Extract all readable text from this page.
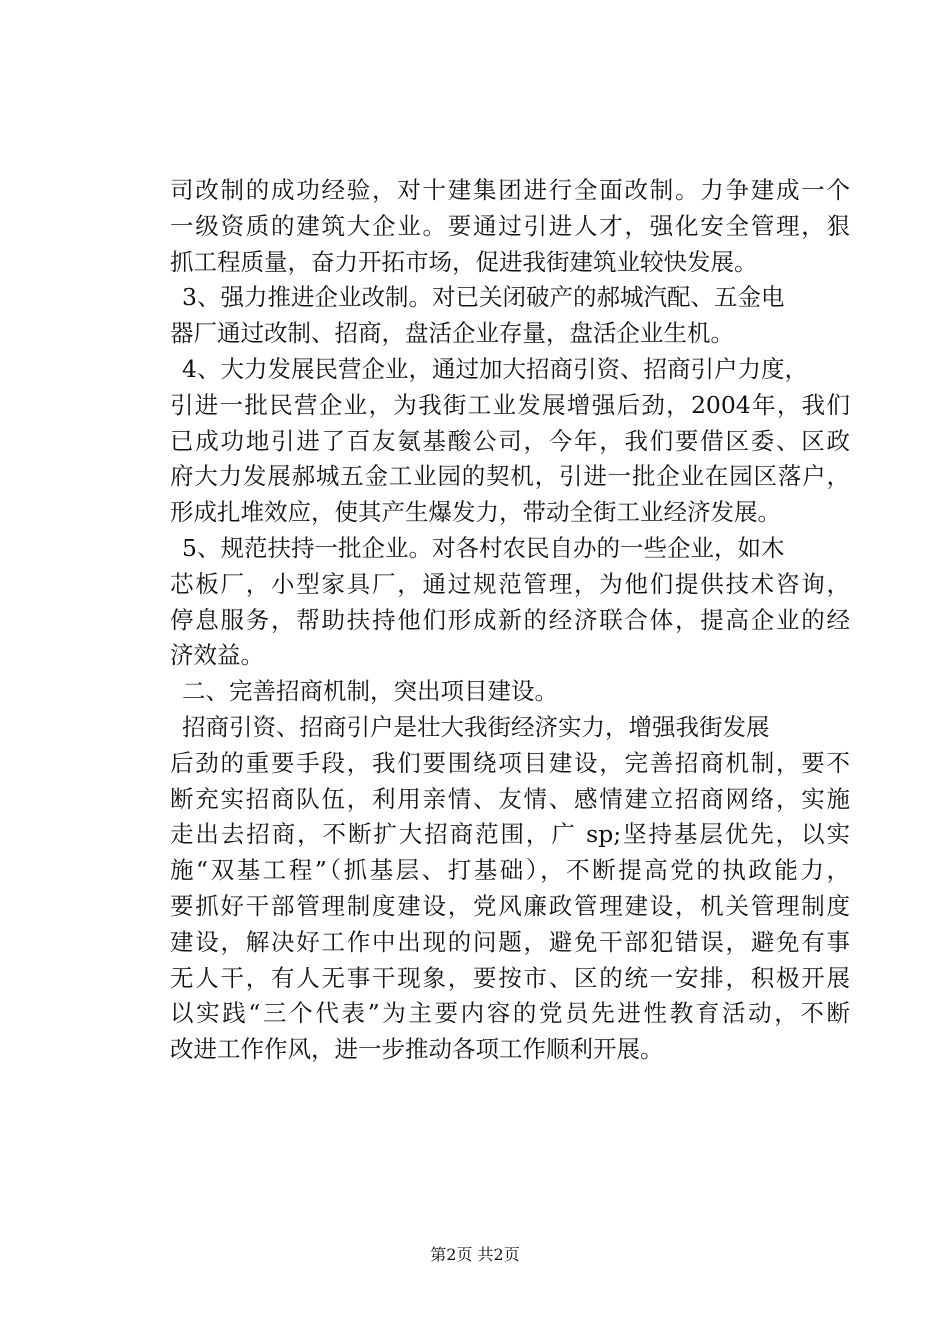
司改制的成功经验，对十建集团进行全面改制。力争建成一个
一级资质的建筑大企业。要通过引进人才，强化安全管理，狠
抓工程质量，奋力开拓市场，促进我街建筑业较快发展。
3、强力推进企业改制。对已关闭破产的郝城汽配、五金电
器厂通过改制、招商，盘活企业存量，盘活企业生机。
4、大力发展民营企业，通过加大招商引资、招商引户力度，
引进一批民营企业，为我街工业发展增强后劲，2004年，我们
已成功地引进了百友氨基酸公司，今年，我们要借区委、区政
府大力发展郝城五金工业园的契机，引进一批企业在园区落户，
形成扎堆效应，使其产生爆发力，带动全街工业经济发展。
5、规范扶持一批企业。对各村农民自办的一些企业，如木
芯板厂，小型家具厂，通过规范管理，为他们提供技术咨询，
停息服务，帮助扶持他们形成新的经济联合体，提高企业的经
济效益。
二、完善招商机制，突出项目建设。
招商引资、招商引户是壮大我街经济实力，增强我街发展
后劲的重要手段，我们要围绕项目建设，完善招商机制，要不
断充实招商队伍，利用亲情、友情、感情建立招商网络，实施
走出去招商，不断扩大招商范围，广 sp;坚持基层优先，以实
施“双基工程”（抓基层、打基础），不断提高党的执政能力，
要抓好干部管理制度建设，党风廉政管理建设，机关管理制度
建设，解决好工作中出现的问题，避免干部犯错误，避免有事
无人干，有人无事干现象，要按市、区的统一安排，积极开展
以实践“三个代表”为主要内容的党员先进性教育活动，不断
改进工作作风，进一步推动各项工作顺利开展。
第2页 共2页
